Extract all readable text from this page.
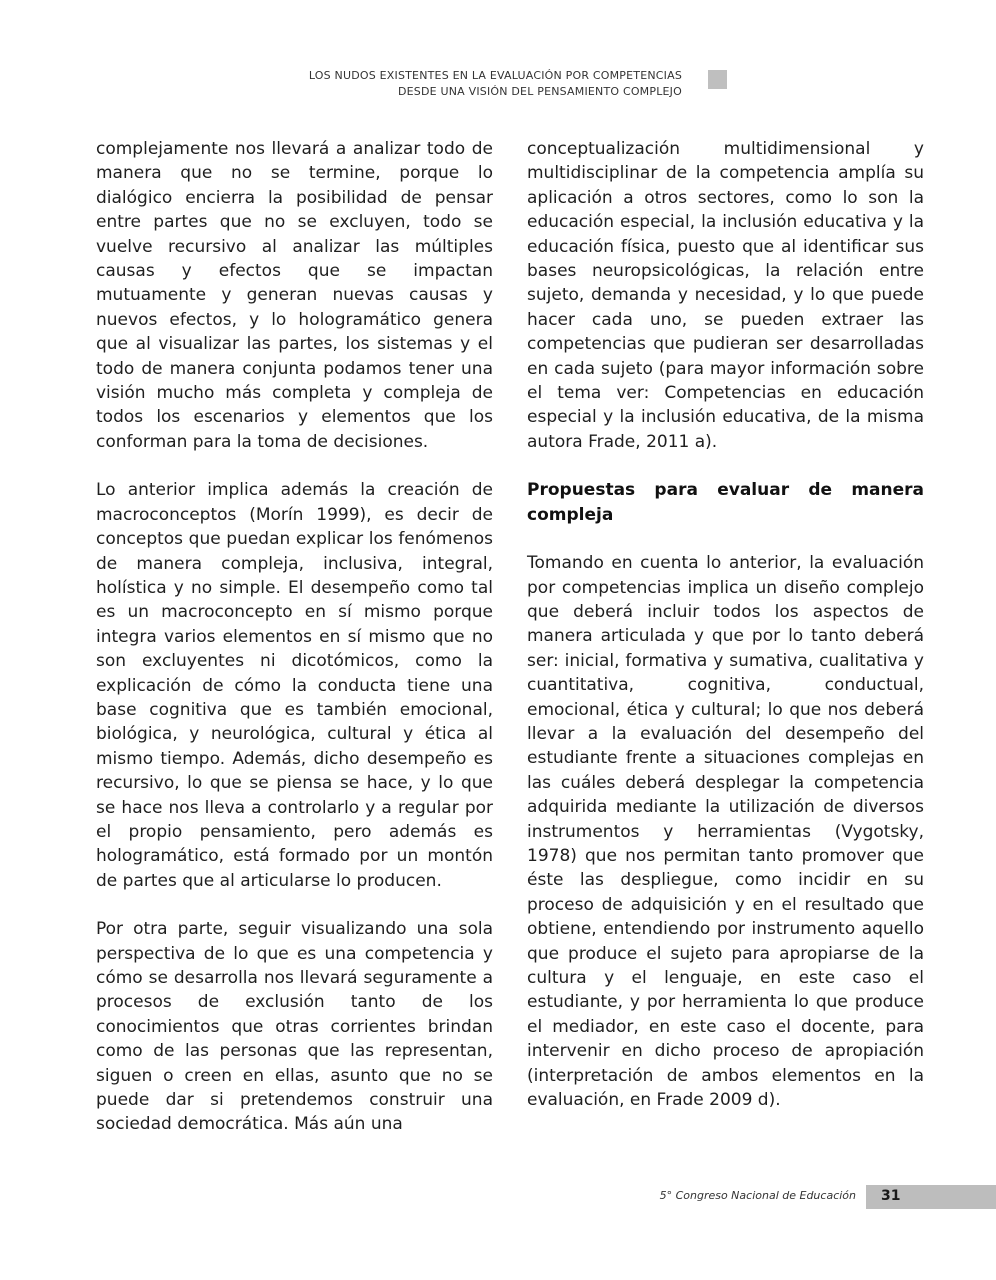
LOS NUDOS EXISTENTES EN LA EVALUACIÓN POR COMPETENCIAS
DESDE UNA VISIÓN DEL PENSAMIENTO COMPLEJO

complejamente nos llevará a analizar todo de manera que no se termine, porque lo dialógico encierra la posibilidad de pensar entre partes que no se excluyen, todo se vuelve recursivo al analizar las múltiples causas y efectos que se impactan mutuamente y generan nuevas causas y nuevos efectos, y lo hologramático genera que al visualizar las partes, los sistemas y el todo de manera conjunta podamos tener una visión mucho más completa y compleja de todos los escenarios y elementos que los conforman para la toma de decisiones.

Lo anterior implica además la creación de macroconceptos (Morín 1999), es decir de conceptos que puedan explicar los fenómenos de manera compleja, inclusiva, integral, holística y no simple. El desempeño como tal es un macroconcepto en sí mismo porque integra varios elementos en sí mismo que no son excluyentes ni dicotómicos, como la explicación de cómo la conducta tiene una base cognitiva que es también emocional, biológica, y neurológica, cultural y ética al mismo tiempo. Además, dicho desempeño es recursivo, lo que se piensa se hace, y lo que se hace nos lleva a controlarlo y a regular por el propio pensamiento, pero además es hologramático, está formado por un montón de partes que al articularse lo producen.

Por otra parte, seguir visualizando una sola perspectiva de lo que es una competencia y cómo se desarrolla nos llevará seguramente a procesos de exclusión tanto de los conocimientos que otras corrientes brindan como de las personas que las representan, siguen o creen en ellas, asunto que no se puede dar si pretendemos construir una sociedad democrática. Más aún una

conceptualización multidimensional y multidisciplinar de la competencia amplía su aplicación a otros sectores, como lo son la educación especial, la inclusión educativa y la educación física, puesto que al identificar sus bases neuropsicológicas, la relación entre sujeto, demanda y necesidad, y lo que puede hacer cada uno, se pueden extraer las competencias que pudieran ser desarrolladas en cada sujeto (para mayor información sobre el tema ver: Competencias en educación especial y la inclusión educativa, de la misma autora Frade, 2011 a).

Propuestas para evaluar de manera compleja

Tomando en cuenta lo anterior, la evaluación por competencias implica un diseño complejo que deberá incluir todos los aspectos de manera articulada y que por lo tanto deberá ser: inicial, formativa y sumativa, cualitativa y cuantitativa, cognitiva, conductual, emocional, ética y cultural; lo que nos deberá llevar a la evaluación del desempeño del estudiante frente a situaciones complejas en las cuáles deberá desplegar la competencia adquirida mediante la utilización de diversos instrumentos y herramientas (Vygotsky, 1978) que nos permitan tanto promover que éste las despliegue, como incidir en su proceso de adquisición y en el resultado que obtiene, entendiendo por instrumento aquello que produce el sujeto para apropiarse de la cultura y el lenguaje, en este caso el estudiante, y por herramienta lo que produce el mediador, en este caso el docente, para intervenir en dicho proceso de apropiación (interpretación de ambos elementos en la evaluación, en Frade 2009 d).

5° Congreso Nacional de Educación 31
